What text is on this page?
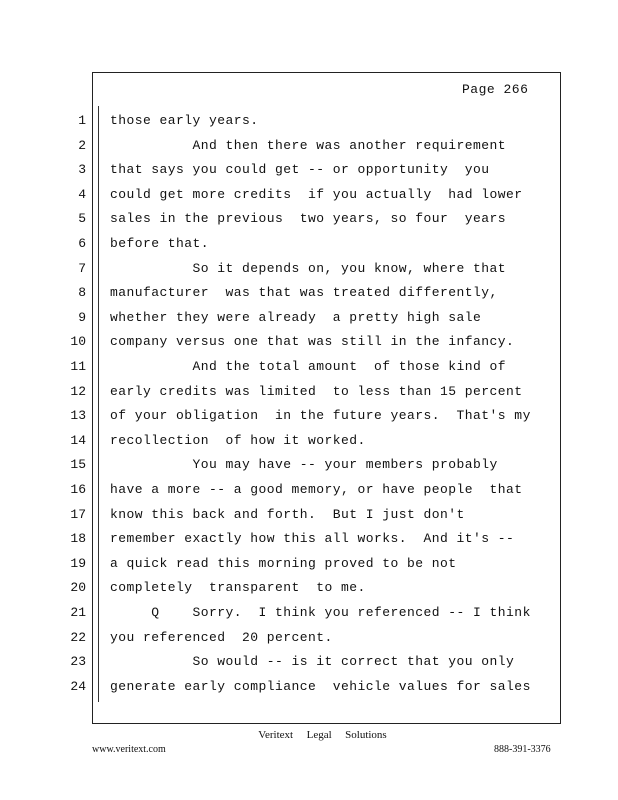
Page 266
1 those early years.
2 And then there was another requirement
3 that says you could get -- or opportunity  you
4 could get more credits  if you actually  had lower
5 sales in the previous  two years, so four  years
6 before that.
7 So it depends on, you know, where that
8 manufacturer  was that was treated differently,
9 whether they were already  a pretty high sale
10 company versus one that was still in the infancy.
11 And the total amount  of those kind of
12 early credits was limited  to less than 15 percent
13 of your obligation  in the future years.  That's my
14 recollection  of how it worked.
15 You may have -- your members probably
16 have a more -- a good memory, or have people  that
17 know this back and forth.  But I just don't
18 remember exactly how this all works.  And it's --
19 a quick read this morning proved to be not
20 completely  transparent  to me.
21 Q    Sorry.  I think you referenced -- I think
22 you referenced  20 percent.
23 So would -- is it correct that you only
24 generate early compliance  vehicle values for sales
Veritext  Legal  Solutions
www.veritext.com	888-391-3376
